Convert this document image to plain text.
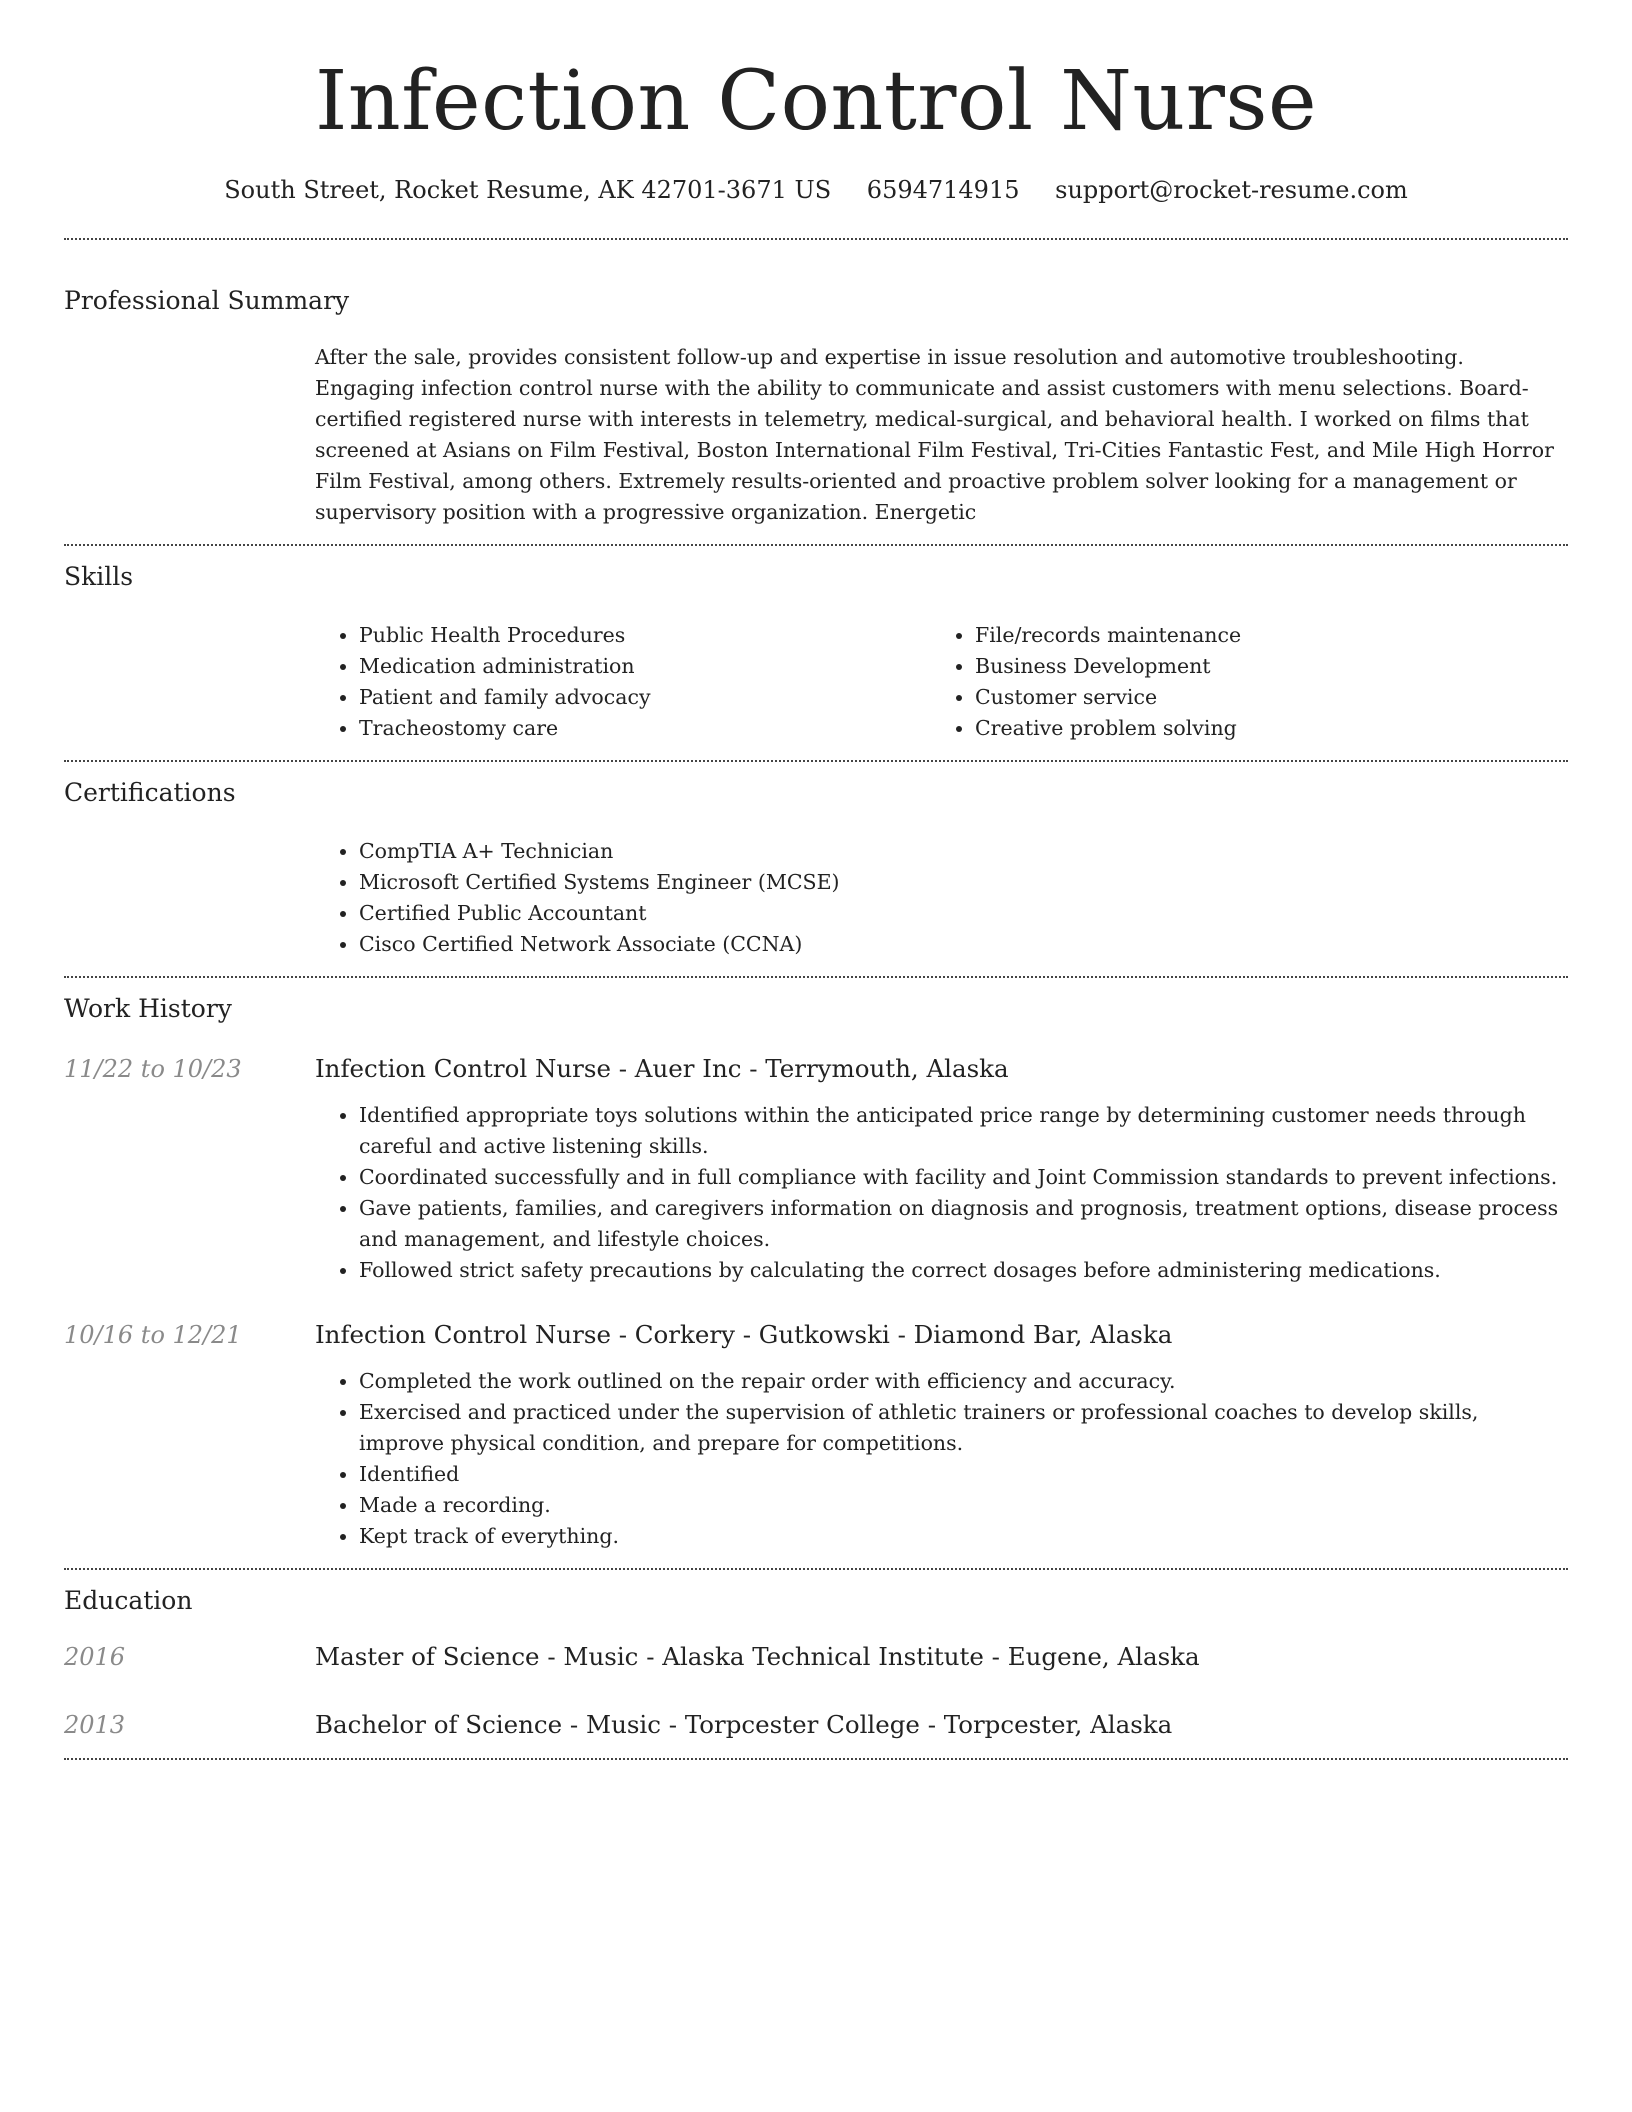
Infection Control Nurse
South Street, Rocket Resume, AK 42701-3671 US 6594714915 support@rocket-resume.com
Professional Summary
After the sale, provides consistent follow-up and expertise in issue resolution and automotive troubleshooting. Engaging infection control nurse with the ability to communicate and assist customers with menu selections. Board-certified registered nurse with interests in telemetry, medical-surgical, and behavioral health. I worked on films that screened at Asians on Film Festival, Boston International Film Festival, Tri-Cities Fantastic Fest, and Mile High Horror Film Festival, among others. Extremely results-oriented and proactive problem solver looking for a management or supervisory position with a progressive organization. Energetic
Skills
• Public Health Procedures
• Medication administration
• Patient and family advocacy
• Tracheostomy care
• File/records maintenance
• Business Development
• Customer service
• Creative problem solving
Certifications
• CompTIA A+ Technician
• Microsoft Certified Systems Engineer (MCSE)
• Certified Public Accountant
• Cisco Certified Network Associate (CCNA)
Work History
11/22 to 10/23	Infection Control Nurse - Auer Inc - Terrymouth, Alaska
• Identified appropriate toys solutions within the anticipated price range by determining customer needs through careful and active listening skills.
• Coordinated successfully and in full compliance with facility and Joint Commission standards to prevent infections.
• Gave patients, families, and caregivers information on diagnosis and prognosis, treatment options, disease process and management, and lifestyle choices.
• Followed strict safety precautions by calculating the correct dosages before administering medications.
10/16 to 12/21	Infection Control Nurse - Corkery - Gutkowski - Diamond Bar, Alaska
• Completed the work outlined on the repair order with efficiency and accuracy.
• Exercised and practiced under the supervision of athletic trainers or professional coaches to develop skills, improve physical condition, and prepare for competitions.
• Identified
• Made a recording.
• Kept track of everything.
Education
2016	Master of Science - Music - Alaska Technical Institute - Eugene, Alaska
2013	Bachelor of Science - Music - Torpcester College - Torpcester, Alaska
